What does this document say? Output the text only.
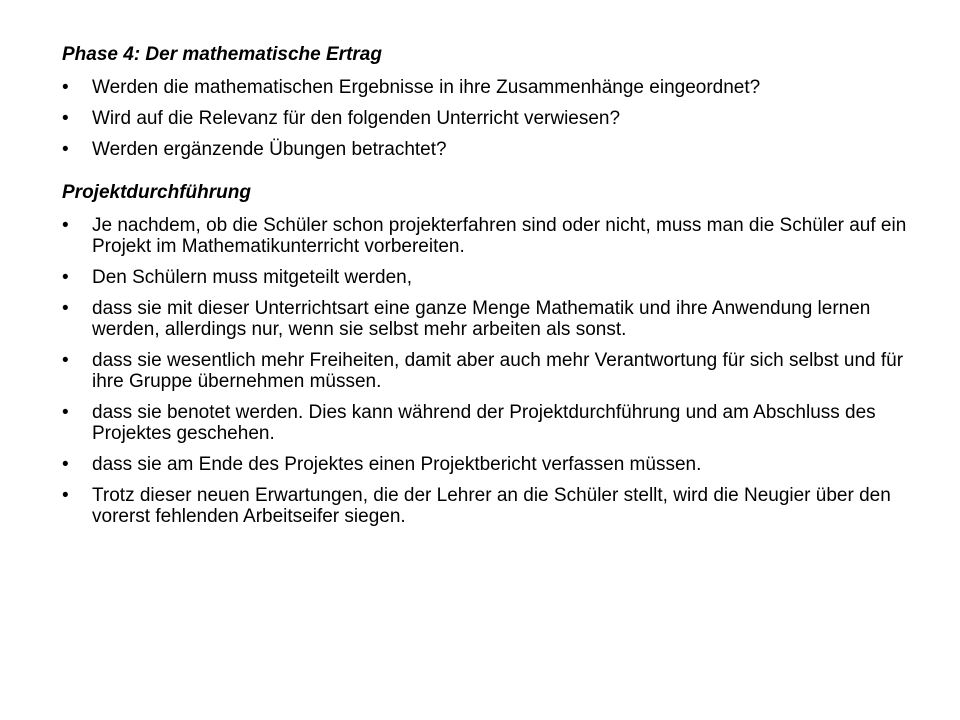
Phase 4: Der mathematische Ertrag
• Werden die mathematischen Ergebnisse in ihre Zusammenhänge eingeordnet?
• Wird auf die Relevanz für den folgenden Unterricht verwiesen?
• Werden ergänzende Übungen betrachtet?
Projektdurchführung
• Je nachdem, ob die Schüler schon projekterfahren sind oder nicht, muss man die Schüler auf ein Projekt im Mathematikunterricht vorbereiten.
• Den Schülern muss mitgeteilt werden,
• dass sie mit dieser Unterrichtsart eine ganze Menge Mathematik und ihre Anwendung lernen werden, allerdings nur, wenn sie selbst mehr arbeiten als sonst.
• dass sie wesentlich mehr Freiheiten, damit aber auch mehr Verantwortung für sich selbst und für ihre Gruppe übernehmen müssen.
• dass sie benotet werden. Dies kann während der Projektdurchführung und am Abschluss des Projektes geschehen.
• dass sie am Ende des Projektes einen Projektbericht verfassen müssen.
• Trotz dieser neuen Erwartungen, die der Lehrer an die Schüler stellt, wird die Neugier über den vorerst fehlenden Arbeitseifer siegen.
